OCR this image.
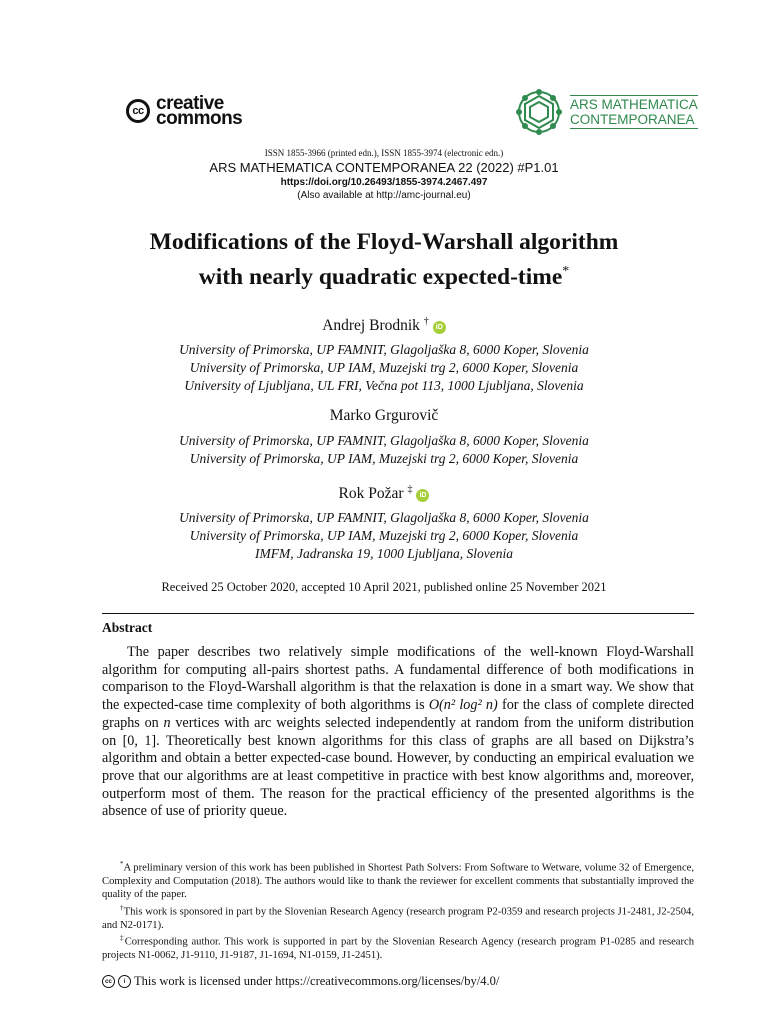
cc creative
commons
ARS MATHEMATICA
CONTEMPORANEA
ISSN 1855-3966 (printed edn.), ISSN 1855-3974 (electronic edn.)
ARS MATHEMATICA CONTEMPORANEA 22 (2022) #P1.01
https://doi.org/10.26493/1855-3974.2467.497
(Also available at http://amc-journal.eu)
Modifications of the Floyd-Warshall algorithm
with nearly quadratic expected-time*
Andrej Brodnik †iD
University of Primorska, UP FAMNIT, Glagoljaška 8, 6000 Koper, Slovenia
University of Primorska, UP IAM, Muzejski trg 2, 6000 Koper, Slovenia
University of Ljubljana, UL FRI, Večna pot 113, 1000 Ljubljana, Slovenia
Marko Grgurovič
University of Primorska, UP FAMNIT, Glagoljaška 8, 6000 Koper, Slovenia
University of Primorska, UP IAM, Muzejski trg 2, 6000 Koper, Slovenia
Rok Požar ‡iD
University of Primorska, UP FAMNIT, Glagoljaška 8, 6000 Koper, Slovenia
University of Primorska, UP IAM, Muzejski trg 2, 6000 Koper, Slovenia
IMFM, Jadranska 19, 1000 Ljubljana, Slovenia
Received 25 October 2020, accepted 10 April 2021, published online 25 November 2021
Abstract
The paper describes two relatively simple modifications of the well-known Floyd-Warshall algorithm for computing all-pairs shortest paths. A fundamental difference of both modifications in comparison to the Floyd-Warshall algorithm is that the relaxation is done in a smart way. We show that the expected-case time complexity of both algorithms is O(n² log² n) for the class of complete directed graphs on n vertices with arc weights selected independently at random from the uniform distribution on [0, 1]. Theoretically best known algorithms for this class of graphs are all based on Dijkstra’s algorithm and obtain a better expected-case bound. However, by conducting an empirical evaluation we prove that our algorithms are at least competitive in practice with best know algorithms and, moreover, outperform most of them. The reason for the practical efficiency of the presented algorithms is the absence of use of priority queue.
*A preliminary version of this work has been published in Shortest Path Solvers: From Software to Wetware, volume 32 of Emergence, Complexity and Computation (2018). The authors would like to thank the reviewer for excellent comments that substantially improved the quality of the paper.
†This work is sponsored in part by the Slovenian Research Agency (research program P2-0359 and research projects J1-2481, J2-2504, and N2-0171).
‡Corresponding author. This work is supported in part by the Slovenian Research Agency (research program P1-0285 and research projects N1-0062, J1-9110, J1-9187, J1-1694, N1-0159, J1-2451).
cc	i This work is licensed under https://creativecommons.org/licenses/by/4.0/
